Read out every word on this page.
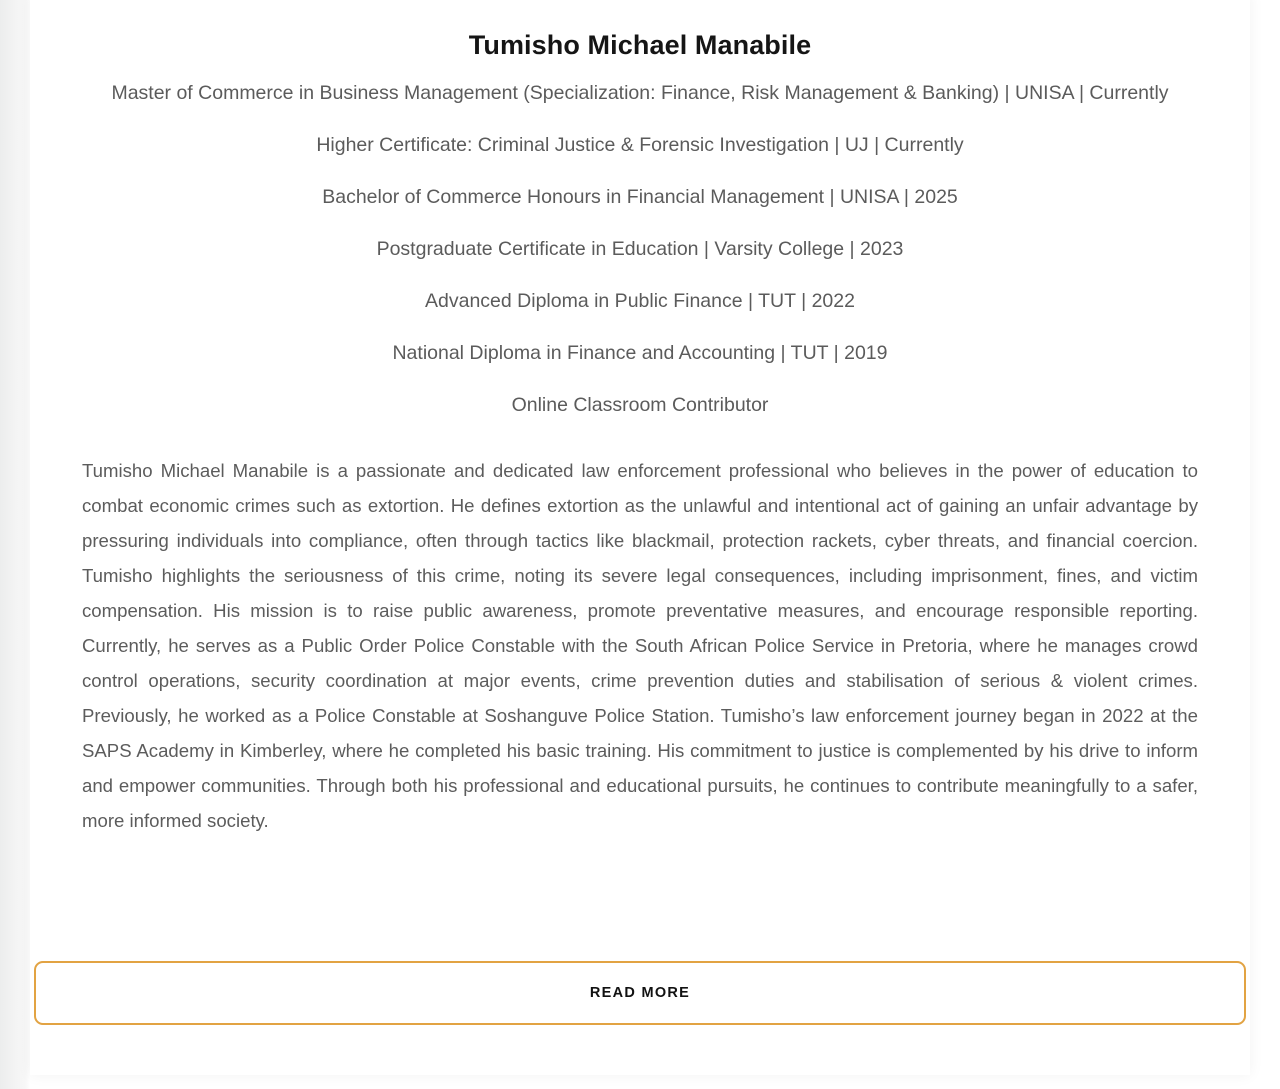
Tumisho Michael Manabile

Master of Commerce in Business Management (Specialization: Finance, Risk Management & Banking) | UNISA | Currently

Higher Certificate: Criminal Justice & Forensic Investigation | UJ | Currently

Bachelor of Commerce Honours in Financial Management | UNISA | 2025

Postgraduate Certificate in Education | Varsity College | 2023

Advanced Diploma in Public Finance | TUT | 2022

National Diploma in Finance and Accounting | TUT | 2019

Online Classroom Contributor

Tumisho Michael Manabile is a passionate and dedicated law enforcement professional who believes in the power of education to combat economic crimes such as extortion. He defines extortion as the unlawful and intentional act of gaining an unfair advantage by pressuring individuals into compliance, often through tactics like blackmail, protection rackets, cyber threats, and financial coercion. Tumisho highlights the seriousness of this crime, noting its severe legal consequences, including imprisonment, fines, and victim compensation. His mission is to raise public awareness, promote preventative measures, and encourage responsible reporting. Currently, he serves as a Public Order Police Constable with the South African Police Service in Pretoria, where he manages crowd control operations, security coordination at major events, crime prevention duties and stabilisation of serious & violent crimes. Previously, he worked as a Police Constable at Soshanguve Police Station. Tumisho’s law enforcement journey began in 2022 at the SAPS Academy in Kimberley, where he completed his basic training. His commitment to justice is complemented by his drive to inform and empower communities. Through both his professional and educational pursuits, he continues to contribute meaningfully to a safer, more informed society.

READ MORE
